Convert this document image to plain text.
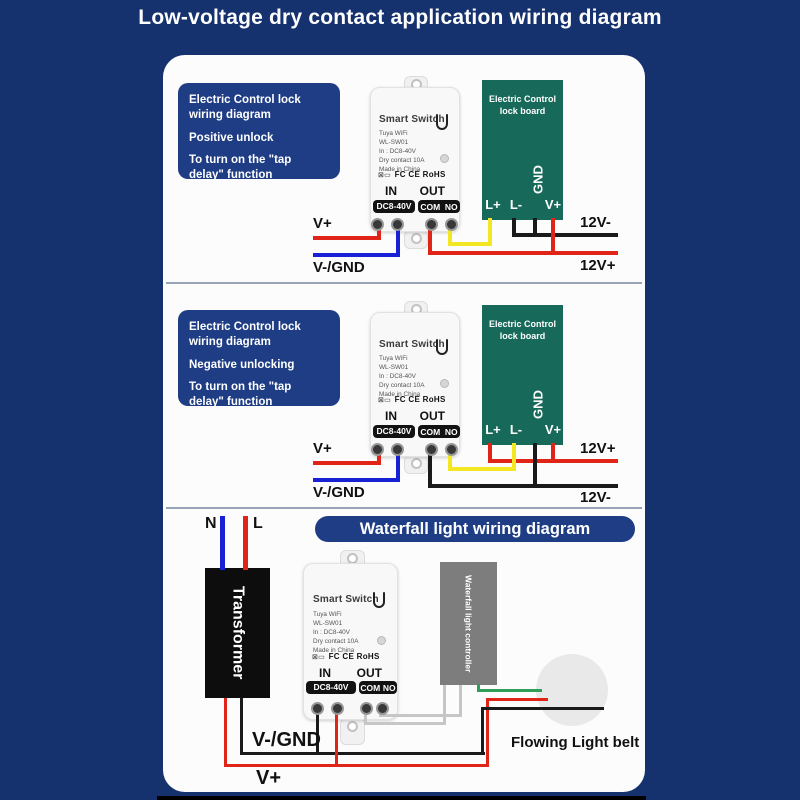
Low-voltage dry contact application wiring diagram
Electric Control lock wiring diagram
Positive unlock
To turn on the "tap delay" function
Smart Switch
Tuya WiFi
WL-SW01
In : DC8-40V
Dry contact 10A
Made in China
⊠▭ FC CE RoHS
IN OUT
DC8-40V	COM NO
Electric Control lock board
L+ L-
GND
V+
V+
V-/GND
12V-
12V+
Electric Control lock wiring diagram
Negative unlocking
To turn on the "tap delay" function
Smart Switch
Tuya WiFi
WL-SW01
In : DC8-40V
Dry contact 10A
Made in China
⊠▭ FC CE RoHS
IN OUT
DC8-40V	COM NO
Electric Control lock board
L+ L-
GND
V+
V+
V-/GND
12V+
12V-
Waterfall light wiring diagram
N L
Transformer	Smart Switch
Tuya WiFi
WL-SW01
In : DC8-40V
Dry contact 10A
Made in China
⊠▭ FC CE RoHS
IN OUT
DC8-40V	COM NO
Waterfall light controller
V-/GND
V+
Flowing Light belt
